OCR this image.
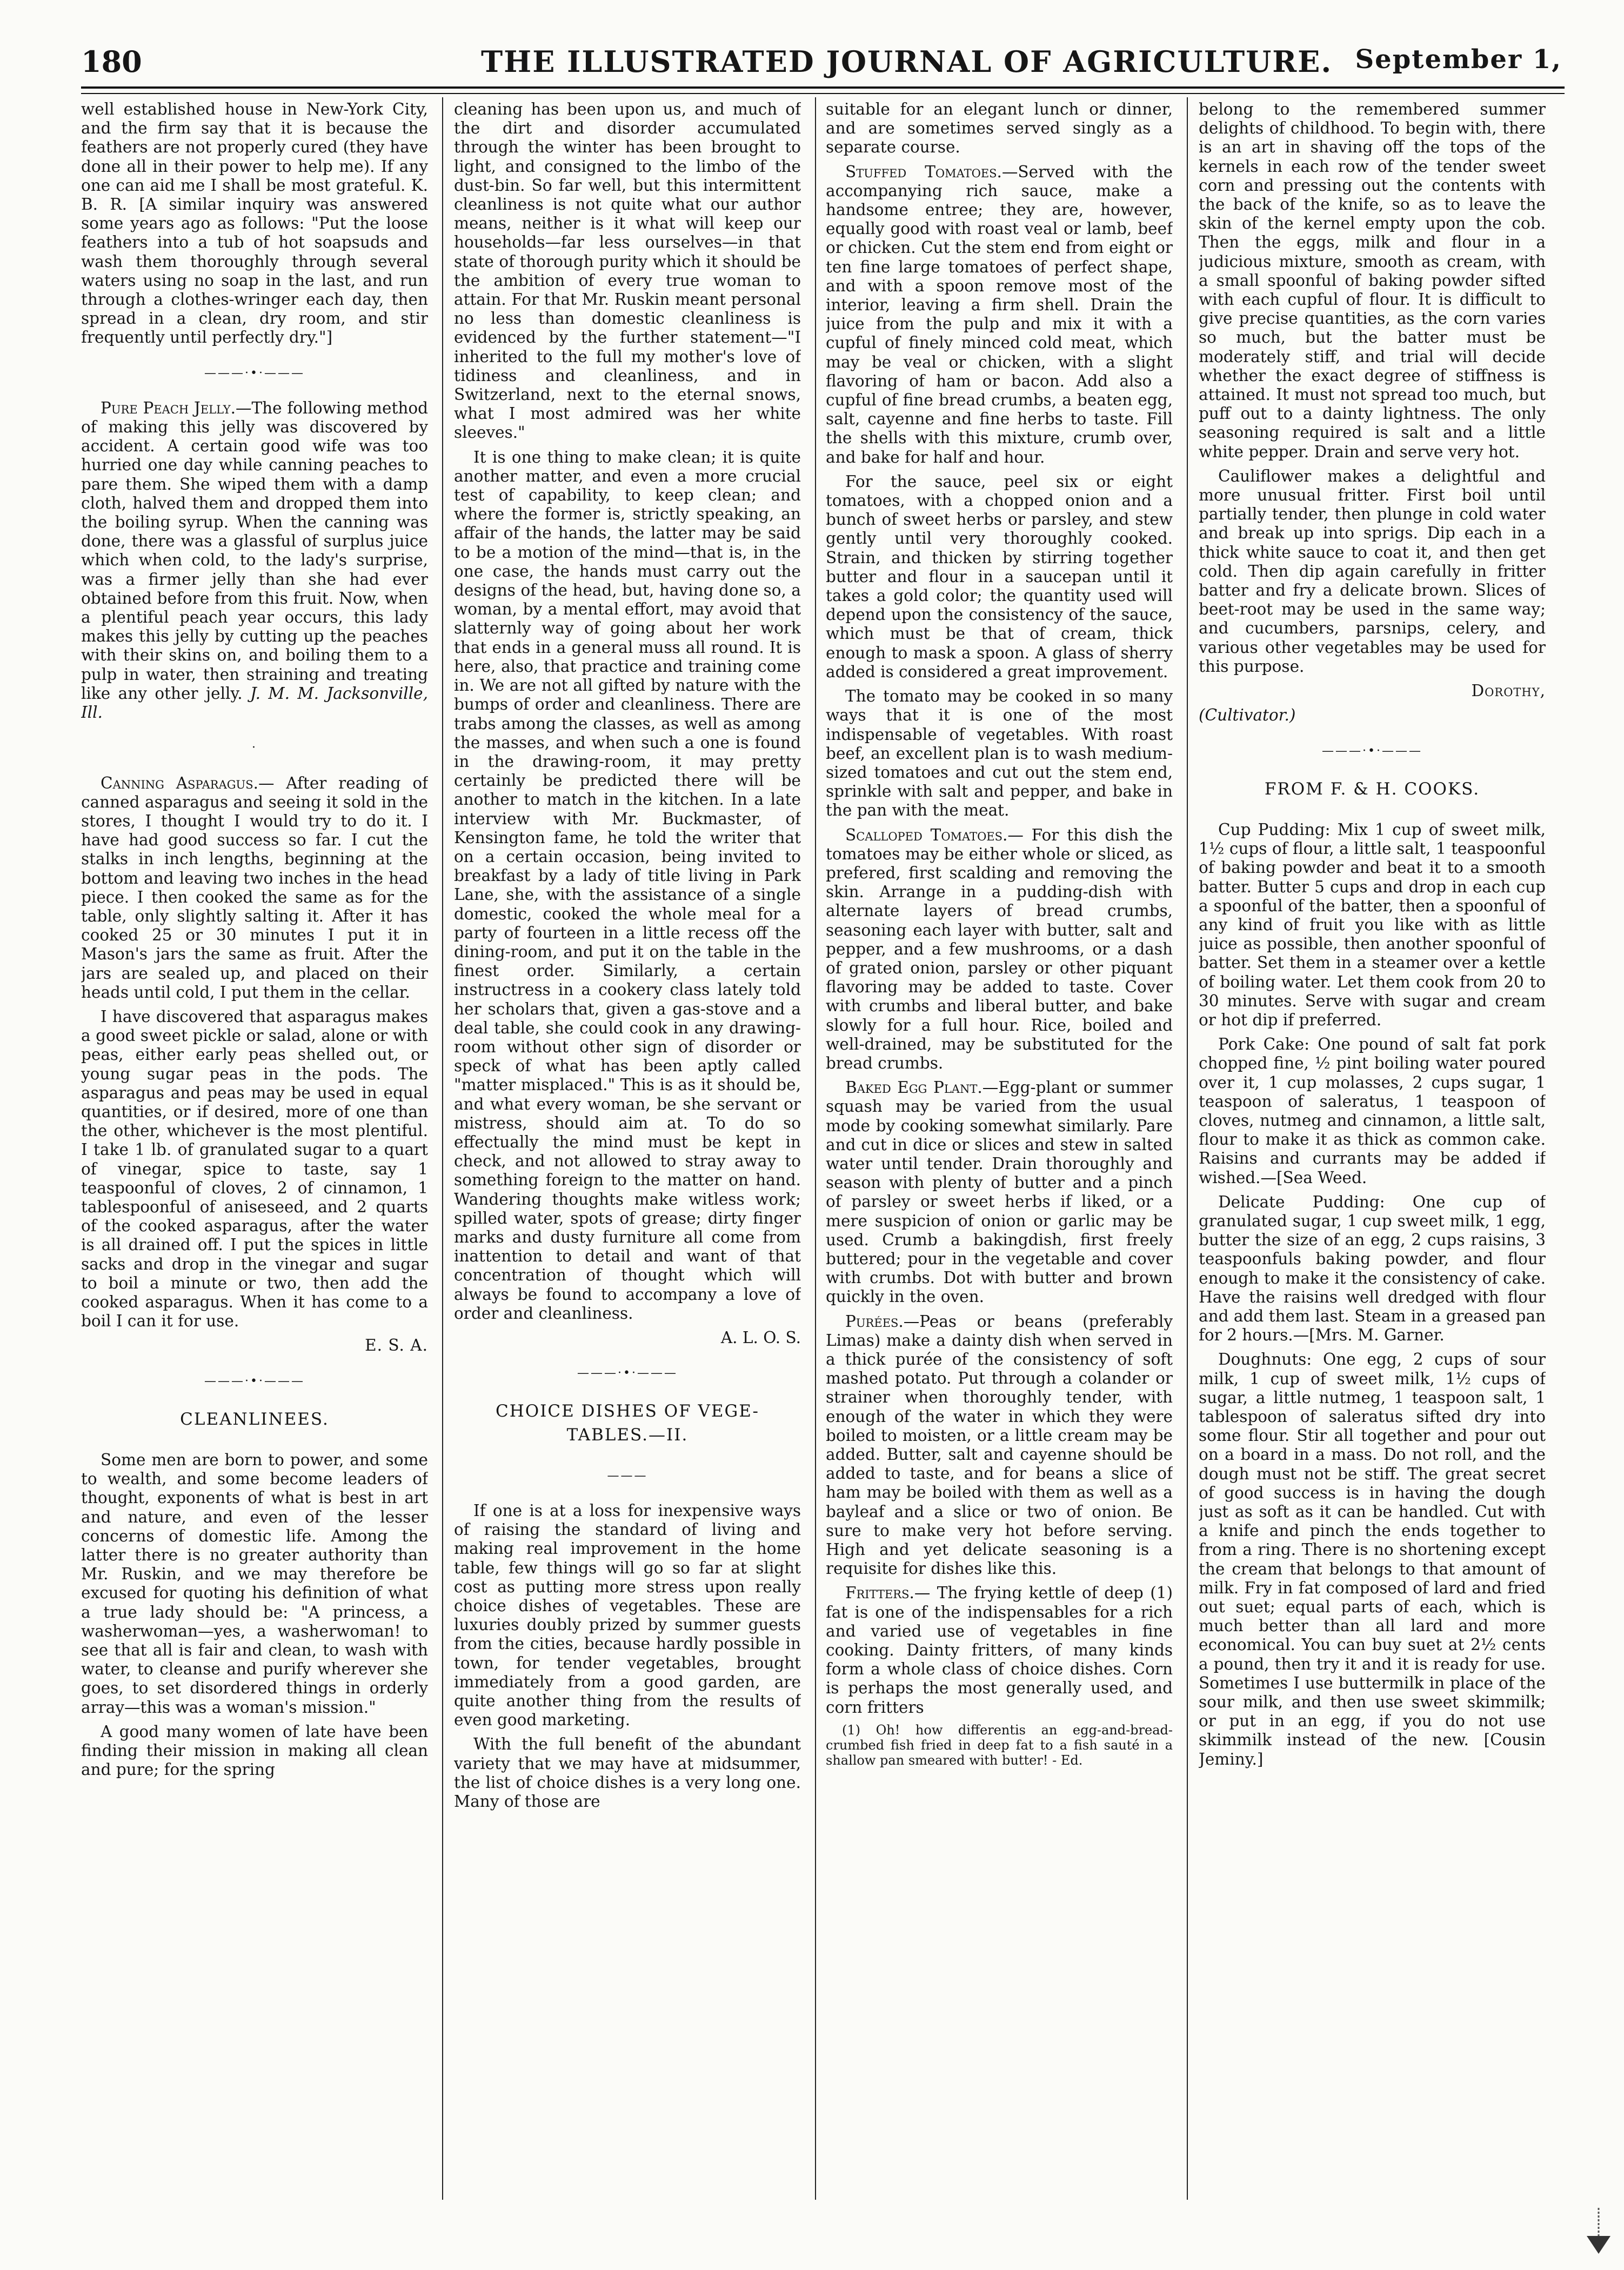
180	THE ILLUSTRATED JOURNAL OF AGRICULTURE. September 1,

well established house in New-York City, and the firm say that it is because the feathers are not properly cured (they have done all in their power to help me). If any one can aid me I shall be most grateful. K. B. R. [A similar inquiry was answered some years ago as follows: "Put the loose feathers into a tub of hot soapsuds and wash them thoroughly through several waters using no soap in the last, and run through a clothes-wringer each day, then spread in a clean, dry room, and stir frequently until perfectly dry."]

———·•·———

Pure Peach Jelly.—The following method of making this jelly was discovered by accident. A certain good wife was too hurried one day while canning peaches to pare them. She wiped them with a damp cloth, halved them and dropped them into the boiling syrup. When the canning was done, there was a glassful of surplus juice which when cold, to the lady's surprise, was a firmer jelly than she had ever obtained before from this fruit. Now, when a plentiful peach year occurs, this lady makes this jelly by cutting up the peaches with their skins on, and boiling them to a pulp in water, then straining and treating like any other jelly. J. M. M. Jacksonville, Ill.

·

Canning Asparagus.— After reading of canned asparagus and seeing it sold in the stores, I thought I would try to do it. I have had good success so far. I cut the stalks in inch lengths, beginning at the bottom and leaving two inches in the head piece. I then cooked the same as for the table, only slightly salting it. After it has cooked 25 or 30 minutes I put it in Mason's jars the same as fruit. After the jars are sealed up, and placed on their heads until cold, I put them in the cellar.

I have discovered that asparagus makes a good sweet pickle or salad, alone or with peas, either early peas shelled out, or young sugar peas in the pods. The asparagus and peas may be used in equal quantities, or if desired, more of one than the other, whichever is the most plentiful. I take 1 lb. of granulated sugar to a quart of vinegar, spice to taste, say 1 teaspoonful of cloves, 2 of cinnamon, 1 tablespoonful of aniseseed, and 2 quarts of the cooked asparagus, after the water is all drained off. I put the spices in little sacks and drop in the vinegar and sugar to boil a minute or two, then add the cooked asparagus. When it has come to a boil I can it for use.

E. S. A.

———·•·———
CLEANLINEES.

Some men are born to power, and some to wealth, and some become leaders of thought, exponents of what is best in art and nature, and even of the lesser concerns of domestic life. Among the latter there is no greater authority than Mr. Ruskin, and we may therefore be excused for quoting his definition of what a true lady should be: "A princess, a washerwoman—yes, a washerwoman! to see that all is fair and clean, to wash with water, to cleanse and purify wherever she goes, to set disordered things in orderly array—this was a woman's mission."

A good many women of late have been finding their mission in making all clean and pure; for the spring

cleaning has been upon us, and much of the dirt and disorder accumulated through the winter has been brought to light, and consigned to the limbo of the dust-bin. So far well, but this intermittent cleanliness is not quite what our author means, neither is it what will keep our households—far less ourselves—in that state of thorough purity which it should be the ambition of every true woman to attain. For that Mr. Ruskin meant personal no less than domestic cleanliness is evidenced by the further statement—"I inherited to the full my mother's love of tidiness and cleanliness, and in Switzerland, next to the eternal snows, what I most admired was her white sleeves."

It is one thing to make clean; it is quite another matter, and even a more crucial test of capability, to keep clean; and where the former is, strictly speaking, an affair of the hands, the latter may be said to be a motion of the mind—that is, in the one case, the hands must carry out the designs of the head, but, having done so, a woman, by a mental effort, may avoid that slatternly way of going about her work that ends in a general muss all round. It is here, also, that practice and training come in. We are not all gifted by nature with the bumps of order and cleanliness. There are trabs among the classes, as well as among the masses, and when such a one is found in the drawing-room, it may pretty certainly be predicted there will be another to match in the kitchen. In a late interview with Mr. Buckmaster, of Kensington fame, he told the writer that on a certain occasion, being invited to breakfast by a lady of title living in Park Lane, she, with the assistance of a single domestic, cooked the whole meal for a party of fourteen in a little recess off the dining-room, and put it on the table in the finest order. Similarly, a certain instructress in a cookery class lately told her scholars that, given a gas-stove and a deal table, she could cook in any drawing-room without other sign of disorder or speck of what has been aptly called "matter misplaced." This is as it should be, and what every woman, be she servant or mistress, should aim at. To do so effectually the mind must be kept in check, and not allowed to stray away to something foreign to the matter on hand. Wandering thoughts make witless work; spilled water, spots of grease; dirty finger marks and dusty furniture all come from inattention to detail and want of that concentration of thought which will always be found to accompany a love of order and cleanliness.

A. L. O. S.

———·•·———
CHOICE DISHES OF VEGE-
TABLES.—II.
———

If one is at a loss for inexpensive ways of raising the standard of living and making real improvement in the home table, few things will go so far at slight cost as putting more stress upon really choice dishes of vegetables. These are luxuries doubly prized by summer guests from the cities, because hardly possible in town, for tender vegetables, brought immediately from a good garden, are quite another thing from the results of even good marketing.

With the full benefit of the abundant variety that we may have at midsummer, the list of choice dishes is a very long one. Many of those are

suitable for an elegant lunch or dinner, and are sometimes served singly as a separate course.

Stuffed Tomatoes.—Served with the accompanying rich sauce, make a handsome entree; they are, however, equally good with roast veal or lamb, beef or chicken. Cut the stem end from eight or ten fine large tomatoes of perfect shape, and with a spoon remove most of the interior, leaving a firm shell. Drain the juice from the pulp and mix it with a cupful of finely minced cold meat, which may be veal or chicken, with a slight flavoring of ham or bacon. Add also a cupful of fine bread crumbs, a beaten egg, salt, cayenne and fine herbs to taste. Fill the shells with this mixture, crumb over, and bake for half and hour.

For the sauce, peel six or eight tomatoes, with a chopped onion and a bunch of sweet herbs or parsley, and stew gently until very thoroughly cooked. Strain, and thicken by stirring together butter and flour in a saucepan until it takes a gold color; the quantity used will depend upon the consistency of the sauce, which must be that of cream, thick enough to mask a spoon. A glass of sherry added is considered a great improvement.

The tomato may be cooked in so many ways that it is one of the most indispensable of vegetables. With roast beef, an excellent plan is to wash medium-sized tomatoes and cut out the stem end, sprinkle with salt and pepper, and bake in the pan with the meat.

Scalloped Tomatoes.— For this dish the tomatoes may be either whole or sliced, as prefered, first scalding and removing the skin. Arrange in a pudding-dish with alternate layers of bread crumbs, seasoning each layer with butter, salt and pepper, and a few mushrooms, or a dash of grated onion, parsley or other piquant flavoring may be added to taste. Cover with crumbs and liberal butter, and bake slowly for a full hour. Rice, boiled and well-drained, may be substituted for the bread crumbs.

Baked Egg Plant.—Egg-plant or summer squash may be varied from the usual mode by cooking somewhat similarly. Pare and cut in dice or slices and stew in salted water until tender. Drain thoroughly and season with plenty of butter and a pinch of parsley or sweet herbs if liked, or a mere suspicion of onion or garlic may be used. Crumb a bakingdish, first freely buttered; pour in the vegetable and cover with crumbs. Dot with butter and brown quickly in the oven.

Purées.—Peas or beans (preferably Limas) make a dainty dish when served in a thick purée of the consistency of soft mashed potato. Put through a colander or strainer when thoroughly tender, with enough of the water in which they were boiled to moisten, or a little cream may be added. Butter, salt and cayenne should be added to taste, and for beans a slice of ham may be boiled with them as well as a bayleaf and a slice or two of onion. Be sure to make very hot before serving. High and yet delicate seasoning is a requisite for dishes like this.

Fritters.— The frying kettle of deep (1) fat is one of the indispensables for a rich and varied use of vegetables in fine cooking. Dainty fritters, of many kinds form a whole class of choice dishes. Corn is perhaps the most generally used, and corn fritters

(1) Oh! how differentis an egg-and-bread-crumbed fish fried in deep fat to a fish sauté in a shallow pan smeared with butter! - Ed.

belong to the remembered summer delights of childhood. To begin with, there is an art in shaving off the tops of the kernels in each row of the tender sweet corn and pressing out the contents with the back of the knife, so as to leave the skin of the kernel empty upon the cob. Then the eggs, milk and flour in a judicious mixture, smooth as cream, with a small spoonful of baking powder sifted with each cupful of flour. It is difficult to give precise quantities, as the corn varies so much, but the batter must be moderately stiff, and trial will decide whether the exact degree of stiffness is attained. It must not spread too much, but puff out to a dainty lightness. The only seasoning required is salt and a little white pepper. Drain and serve very hot.

Cauliflower makes a delightful and more unusual fritter. First boil until partially tender, then plunge in cold water and break up into sprigs. Dip each in a thick white sauce to coat it, and then get cold. Then dip again carefully in fritter batter and fry a delicate brown. Slices of beet-root may be used in the same way; and cucumbers, parsnips, celery, and various other vegetables may be used for this purpose.

Dorothy,

(Cultivator.)

———·•·———
FROM F. & H. COOKS.

Cup Pudding: Mix 1 cup of sweet milk, 1½ cups of flour, a little salt, 1 teaspoonful of baking powder and beat it to a smooth batter. Butter 5 cups and drop in each cup a spoonful of the batter, then a spoonful of any kind of fruit you like with as little juice as possible, then another spoonful of batter. Set them in a steamer over a kettle of boiling water. Let them cook from 20 to 30 minutes. Serve with sugar and cream or hot dip if preferred.

Pork Cake: One pound of salt fat pork chopped fine, ½ pint boiling water poured over it, 1 cup molasses, 2 cups sugar, 1 teaspoon of saleratus, 1 teaspoon of cloves, nutmeg and cinnamon, a little salt, flour to make it as thick as common cake. Raisins and currants may be added if wished.—[Sea Weed.

Delicate Pudding: One cup of granulated sugar, 1 cup sweet milk, 1 egg, butter the size of an egg, 2 cups raisins, 3 teaspoonfuls baking powder, and flour enough to make it the consistency of cake. Have the raisins well dredged with flour and add them last. Steam in a greased pan for 2 hours.—[Mrs. M. Garner.

Doughnuts: One egg, 2 cups of sour milk, 1 cup of sweet milk, 1½ cups of sugar, a little nutmeg, 1 teaspoon salt, 1 tablespoon of saleratus sifted dry into some flour. Stir all together and pour out on a board in a mass. Do not roll, and the dough must not be stiff. The great secret of good success is in having the dough just as soft as it can be handled. Cut with a knife and pinch the ends together to from a ring. There is no shortening except the cream that belongs to that amount of milk. Fry in fat composed of lard and fried out suet; equal parts of each, which is much better than all lard and more economical. You can buy suet at 2½ cents a pound, then try it and it is ready for use. Sometimes I use buttermilk in place of the sour milk, and then use sweet skimmilk; or put in an egg, if you do not use skimmilk instead of the new. [Cousin Jeminy.]
